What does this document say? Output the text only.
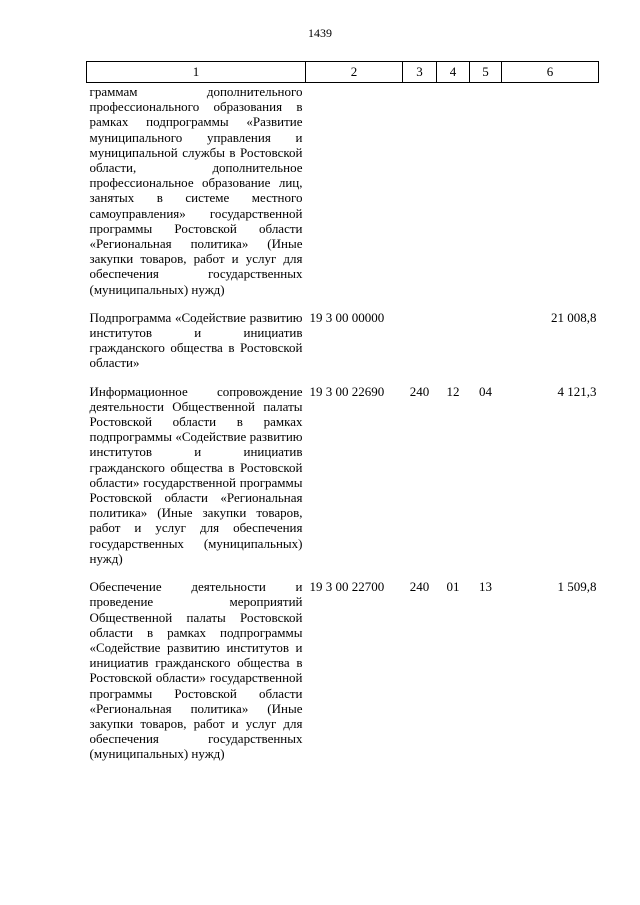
1439
1	2	3	4	5	6
граммам дополнительного профессионального образования в рамках подпрограммы «Развитие муниципального управления и муниципальной службы в Ростовской области, дополнительное профессиональное образование лиц, занятых в системе местного самоуправления» государственной программы Ростовской области «Региональная политика» (Иные закупки товаров, работ и услуг для обеспечения государственных (муниципальных) нужд)					

Подпрограмма «Содействие развитию институтов и инициатив гражданского общества в Ростовской области»	19 3 00 00000				21 008,8

Информационное сопровождение деятельности Общественной палаты Ростовской области в рамках подпрограммы «Содействие развитию институтов и инициатив гражданского общества в Ростовской области» государственной программы Ростовской области «Региональная политика» (Иные закупки товаров, работ и услуг для обеспечения государственных (муниципальных) нужд)	19 3 00 22690	240	12	04	4 121,3

Обеспечение деятельности и проведение мероприятий Общественной палаты Ростовской области в рамках подпрограммы «Содействие развитию институтов и инициатив гражданского общества в Ростовской области» государственной программы Ростовской области «Региональная политика» (Иные закупки товаров, работ и услуг для обеспечения государственных (муниципальных) нужд)	19 3 00 22700	240	01	13	1 509,8
